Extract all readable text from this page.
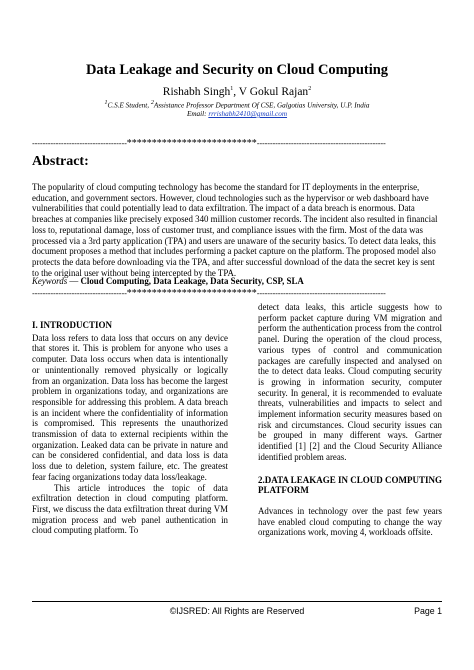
Data Leakage and Security on Cloud Computing
Rishabh Singh$^1$, V Gokul Rajan$^2$
$^1$C.S.E Student, $^2$Assistance Professor Department Of CSE, Galgotias University, U.P. India
Email: rrrishabh2410@gmail.com
------------------------------------**************************-------------------------------------------------
Abstract:
The popularity of cloud computing technology has become the standard for IT deployments in the enterprise, education, and government sectors. However, cloud technologies such as the hypervisor or web dashboard have vulnerabilities that could potentially lead to data exfiltration. The impact of a data breach is enormous. Data breaches at companies like precisely exposed 340 million customer records. The incident also resulted in financial loss to, reputational damage, loss of customer trust, and compliance issues with the firm. Most of the data was processed via a 3rd party application (TPA) and users are unaware of the security basics. To detect data leaks, this document proposes a method that includes performing a packet capture on the platform. The proposed model also protects the data before downloading via the TPA, and after successful download of the data the secret key is sent to the original user without being intercepted by the TPA.
Keywords — Cloud Computing, Data Leakage, Data Security, CSP, SLA
------------------------------------**************************-------------------------------------------------
I. INTRODUCTION

Data loss refers to data loss that occurs on any device that stores it. This is problem for anyone who uses a computer. Data loss occurs when data is intentionally or unintentionally removed physically or logically from an organization. Data loss has become the largest problem in organizations today, and organizations are responsible for addressing this problem. A data breach is an incident where the confidentiality of information is compromised. This represents the unauthorized transmission of data to external recipients within the organization. Leaked data can be private in nature and can be considered confidential, and data loss is data loss due to deletion, system failure, etc. The greatest fear facing organizations today data loss/leakage.

This article introduces the topic of data exfiltration detection in cloud computing platform. First, we discuss the data exfiltration threat during VM migration process and web panel authentication in cloud computing platform. To

detect data leaks, this article suggests how to perform packet capture during VM migration and perform the authentication process from the control panel. During the operation of the cloud process, various types of control and communication packages are carefully inspected and analysed on the to detect data leaks. Cloud computing security is growing in information security, computer security. In general, it is recommended to evaluate threats, vulnerabilities and impacts to select and implement information security measures based on risk and circumstances. Cloud security issues can be grouped in many different ways. Gartner identified [1] [2] and the Cloud Security Alliance identified problem areas.

2.DATA LEAKAGE IN CLOUD COMPUTING PLATFORM

Advances in technology over the past few years have enabled cloud computing to change the way organizations work, moving 4, workloads offsite.

©IJSRED: All Rights are Reserved	Page 1
